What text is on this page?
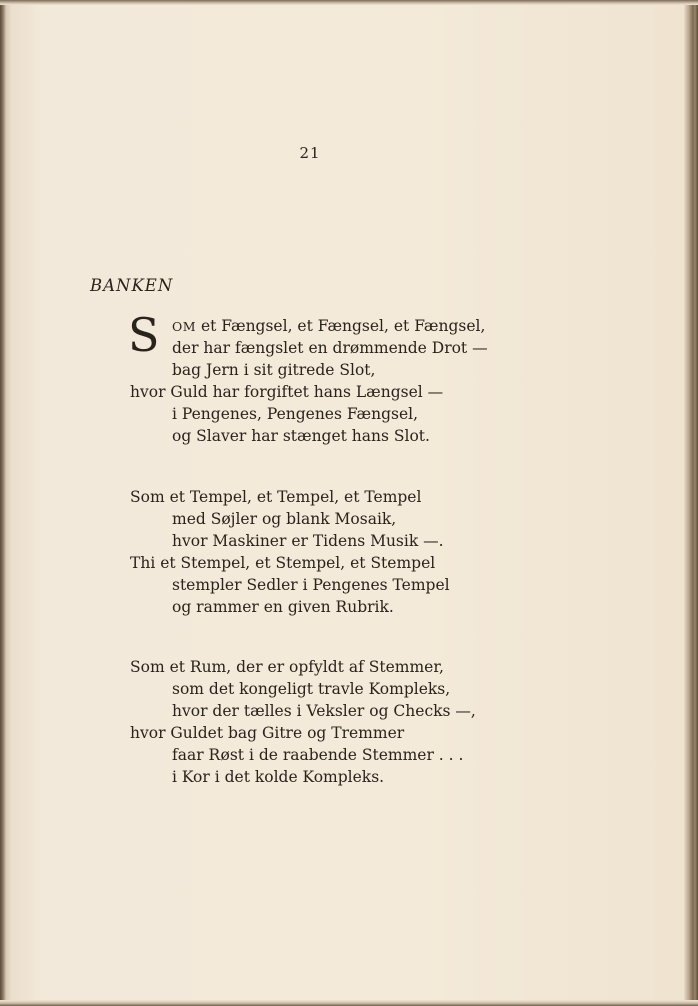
21
BANKEN
S OM et Fængsel, et Fængsel, et Fængsel,
der har fængslet en drømmende Drot —
bag Jern i sit gitrede Slot,
hvor Guld har forgiftet hans Længsel —
i Pengenes, Pengenes Fængsel,
og Slaver har stænget hans Slot.
Som et Tempel, et Tempel, et Tempel
med Søjler og blank Mosaik,
hvor Maskiner er Tidens Musik —.
Thi et Stempel, et Stempel, et Stempel
stempler Sedler i Pengenes Tempel
og rammer en given Rubrik.
Som et Rum, der er opfyldt af Stemmer,
som det kongeligt travle Kompleks,
hvor der tælles i Veksler og Checks —,
hvor Guldet bag Gitre og Tremmer
faar Røst i de raabende Stemmer . . .
i Kor i det kolde Kompleks.
